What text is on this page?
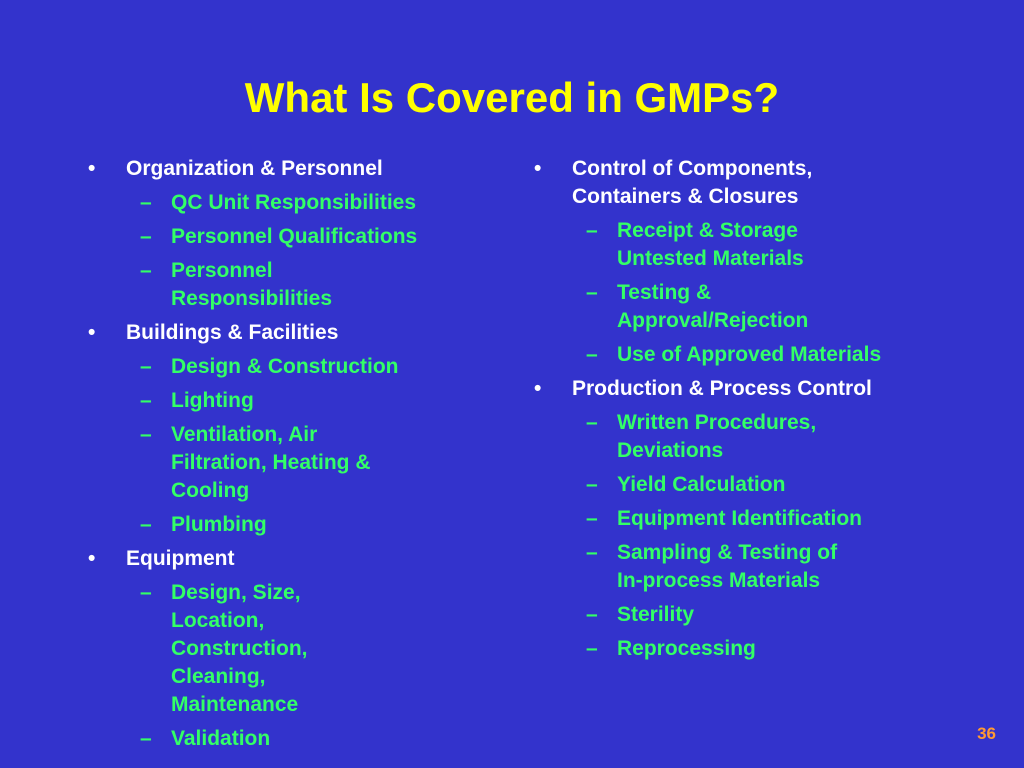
What Is Covered in GMPs?
•	Organization & Personnel
– QC Unit Responsibilities
– Personnel Qualifications
– Personnel Responsibilities
•	Buildings & Facilities
– Design & Construction
– Lighting
– Ventilation, Air Filtration, Heating & Cooling
– Plumbing
•	Equipment
– Design, Size, Location, Construction, Cleaning, Maintenance
– Validation
•	Control of Components, Containers & Closures
– Receipt & Storage Untested Materials
– Testing & Approval/Rejection
– Use of Approved Materials
•	Production & Process Control
– Written Procedures, Deviations
– Yield Calculation
– Equipment Identification
– Sampling & Testing of In-process Materials
– Sterility
– Reprocessing
36
